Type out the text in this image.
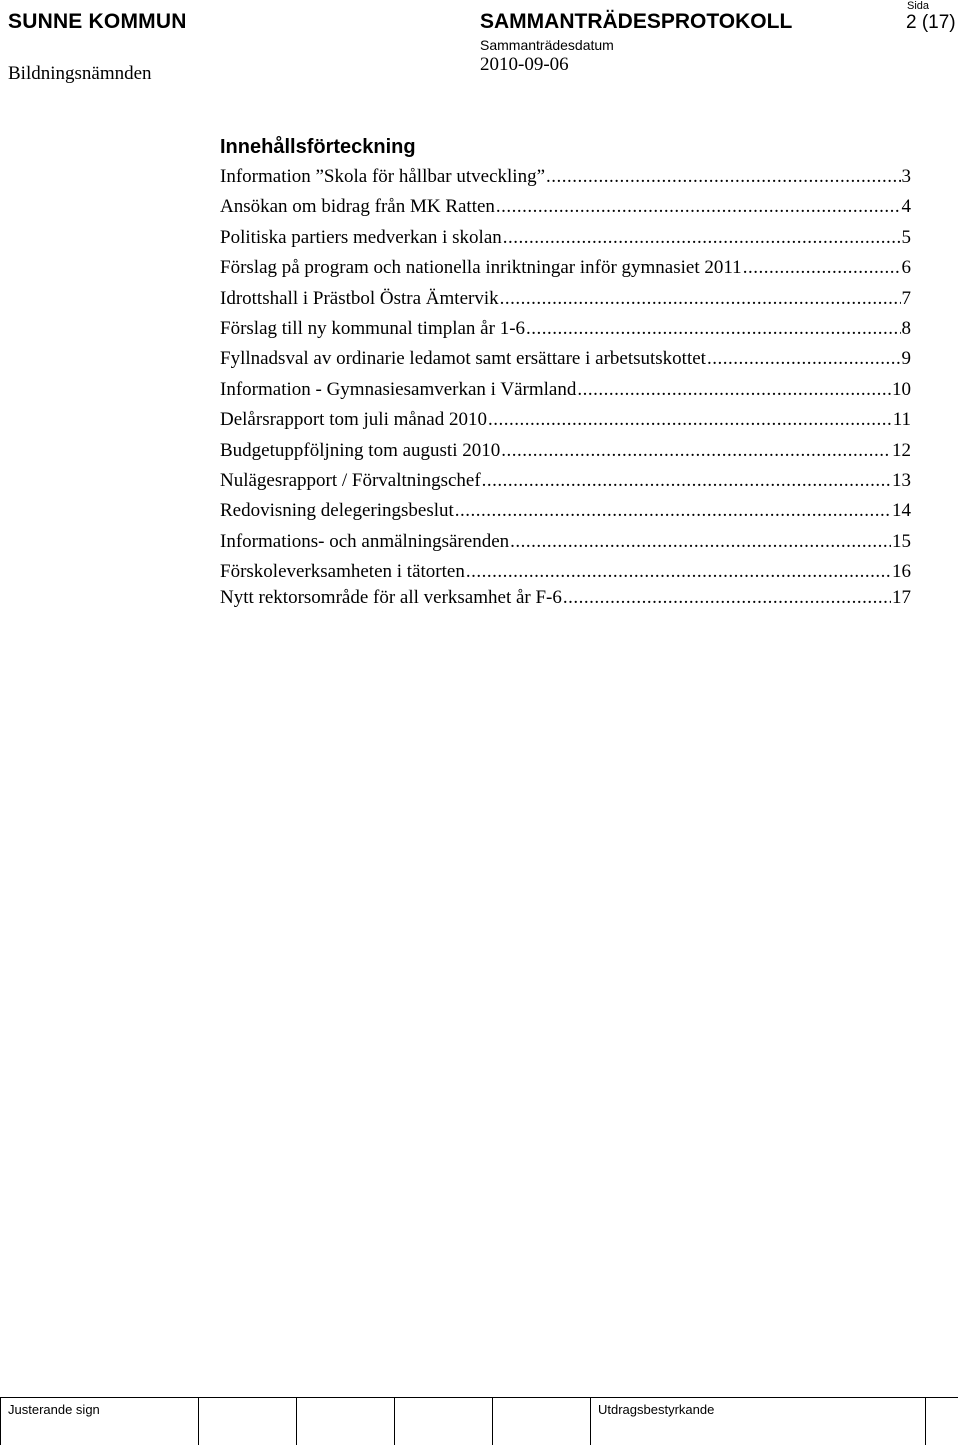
SUNNE KOMMUN
Bildningsnämnden
SAMMANTRÄDESPROTOKOLL
Sammanträdesdatum
2010-09-06
Sida
2 (17)
Innehållsförteckning
Information ”Skola för hållbar utveckling” .....	3
Ansökan om bidrag från MK Ratten .....	4
Politiska partiers medverkan i skolan .....	5
Förslag på program och nationella inriktningar inför gymnasiet 2011 .....	6
Idrottshall i Prästbol Östra Ämtervik .....	7
Förslag till ny kommunal timplan år 1-6 .....	8
Fyllnadsval av ordinarie ledamot samt ersättare i arbetsutskottet .....	9
Information - Gymnasiesamverkan i Värmland .....	10
Delårsrapport tom juli månad 2010 .....	11
Budgetuppföljning tom augusti 2010 .....	12
Nulägesrapport / Förvaltningschef .....	13
Redovisning delegeringsbeslut .....	14
Informations- och anmälningsärenden .....	15
Förskoleverksamheten i tätorten .....	16
Nytt rektorsområde för all verksamhet år F-6 .....	17
Justerande sign	Utdragsbestyrkande
